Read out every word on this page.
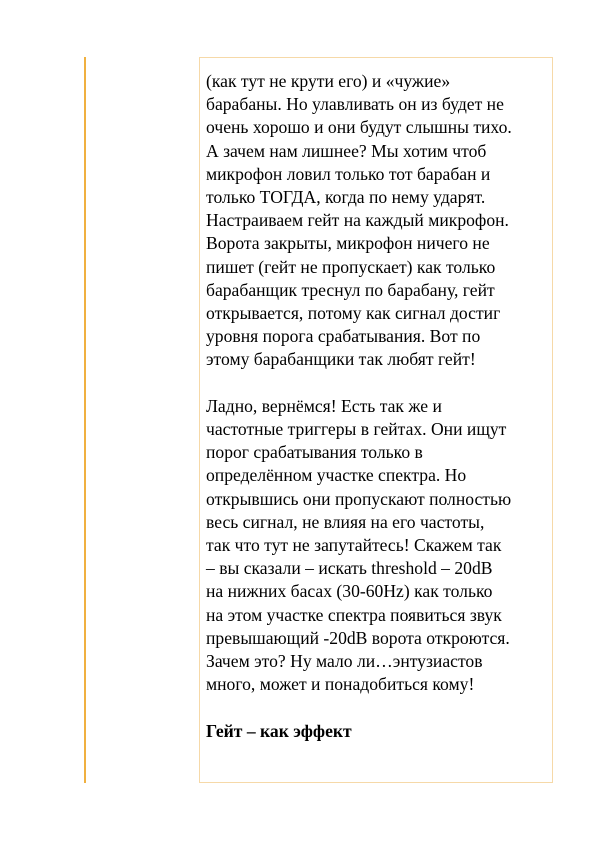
(как тут не крути его) и «чужие»
барабаны. Но улавливать он из будет не
очень хорошо и они будут слышны тихо.
А зачем нам лишнее? Мы хотим чтоб
микрофон ловил только тот барабан и
только ТОГДА, когда по нему ударят.
Настраиваем гейт на каждый микрофон.
Ворота закрыты, микрофон ничего не
пишет (гейт не пропускает) как только
барабанщик треснул по барабану, гейт
открывается, потому как сигнал достиг
уровня порога срабатывания. Вот по
этому барабанщики так любят гейт!

Ладно, вернёмся! Есть так же и
частотные триггеры в гейтах. Они ищут
порог срабатывания только в
определённом участке спектра. Но
открывшись они пропускают полностью
весь сигнал, не влияя на его частоты,
так что тут не запутайтесь! Скажем так
– вы сказали – искать threshold – 20dB
на нижних басах (30-60Hz) как только
на этом участке спектра появиться звук
превышающий -20dB ворота откроются.
Зачем это? Ну мало ли…энтузиастов
много, может и понадобиться кому!

Гейт – как эффект
